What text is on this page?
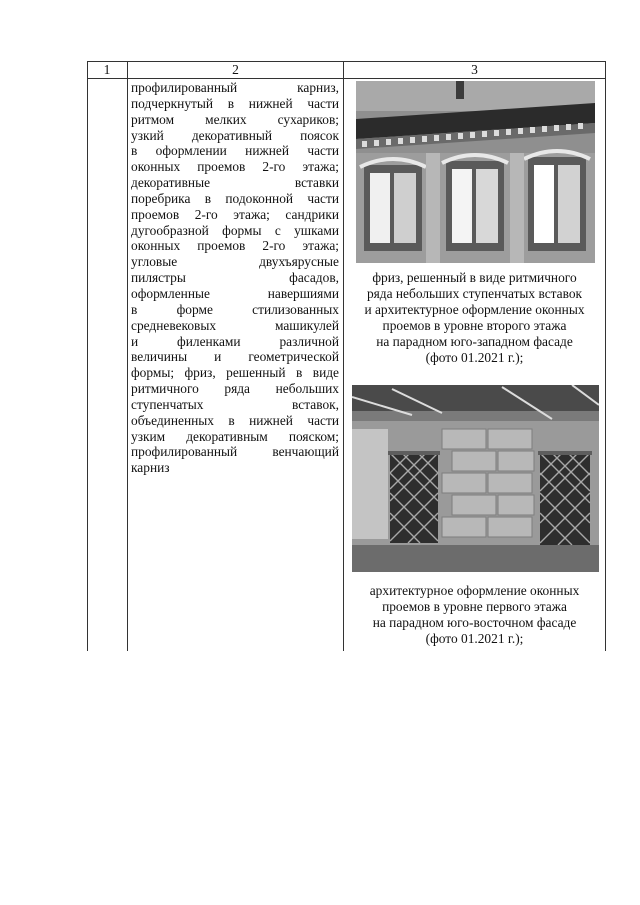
1	2	3
профилированный карниз,
подчеркнутый в нижней части
ритмом мелких сухариков;
узкий декоративный поясок
в оформлении нижней части
оконных проемов 2-го этажа;
декоративные вставки
поребрика в подоконной части
проемов 2-го этажа; сандрики
дугообразной формы с ушками
оконных проемов 2-го этажа;
угловые двухъярусные
пилястры фасадов,
оформленные навершиями
в форме стилизованных
средневековых машикулей
и филенками различной
величины и геометрической
формы; фриз, решенный в виде
ритмичного ряда небольших
ступенчатых вставок,
объединенных в нижней части
узким декоративным пояском;
профилированный венчающий
карниз
фриз, решенный в виде ритмичного
ряда небольших ступенчатых вставок
и архитектурное оформление оконных
проемов в уровне второго этажа
на парадном юго-западном фасаде
(фото 01.2021 г.);
архитектурное оформление оконных
проемов в уровне первого этажа
на парадном юго-восточном фасаде
(фото 01.2021 г.);
